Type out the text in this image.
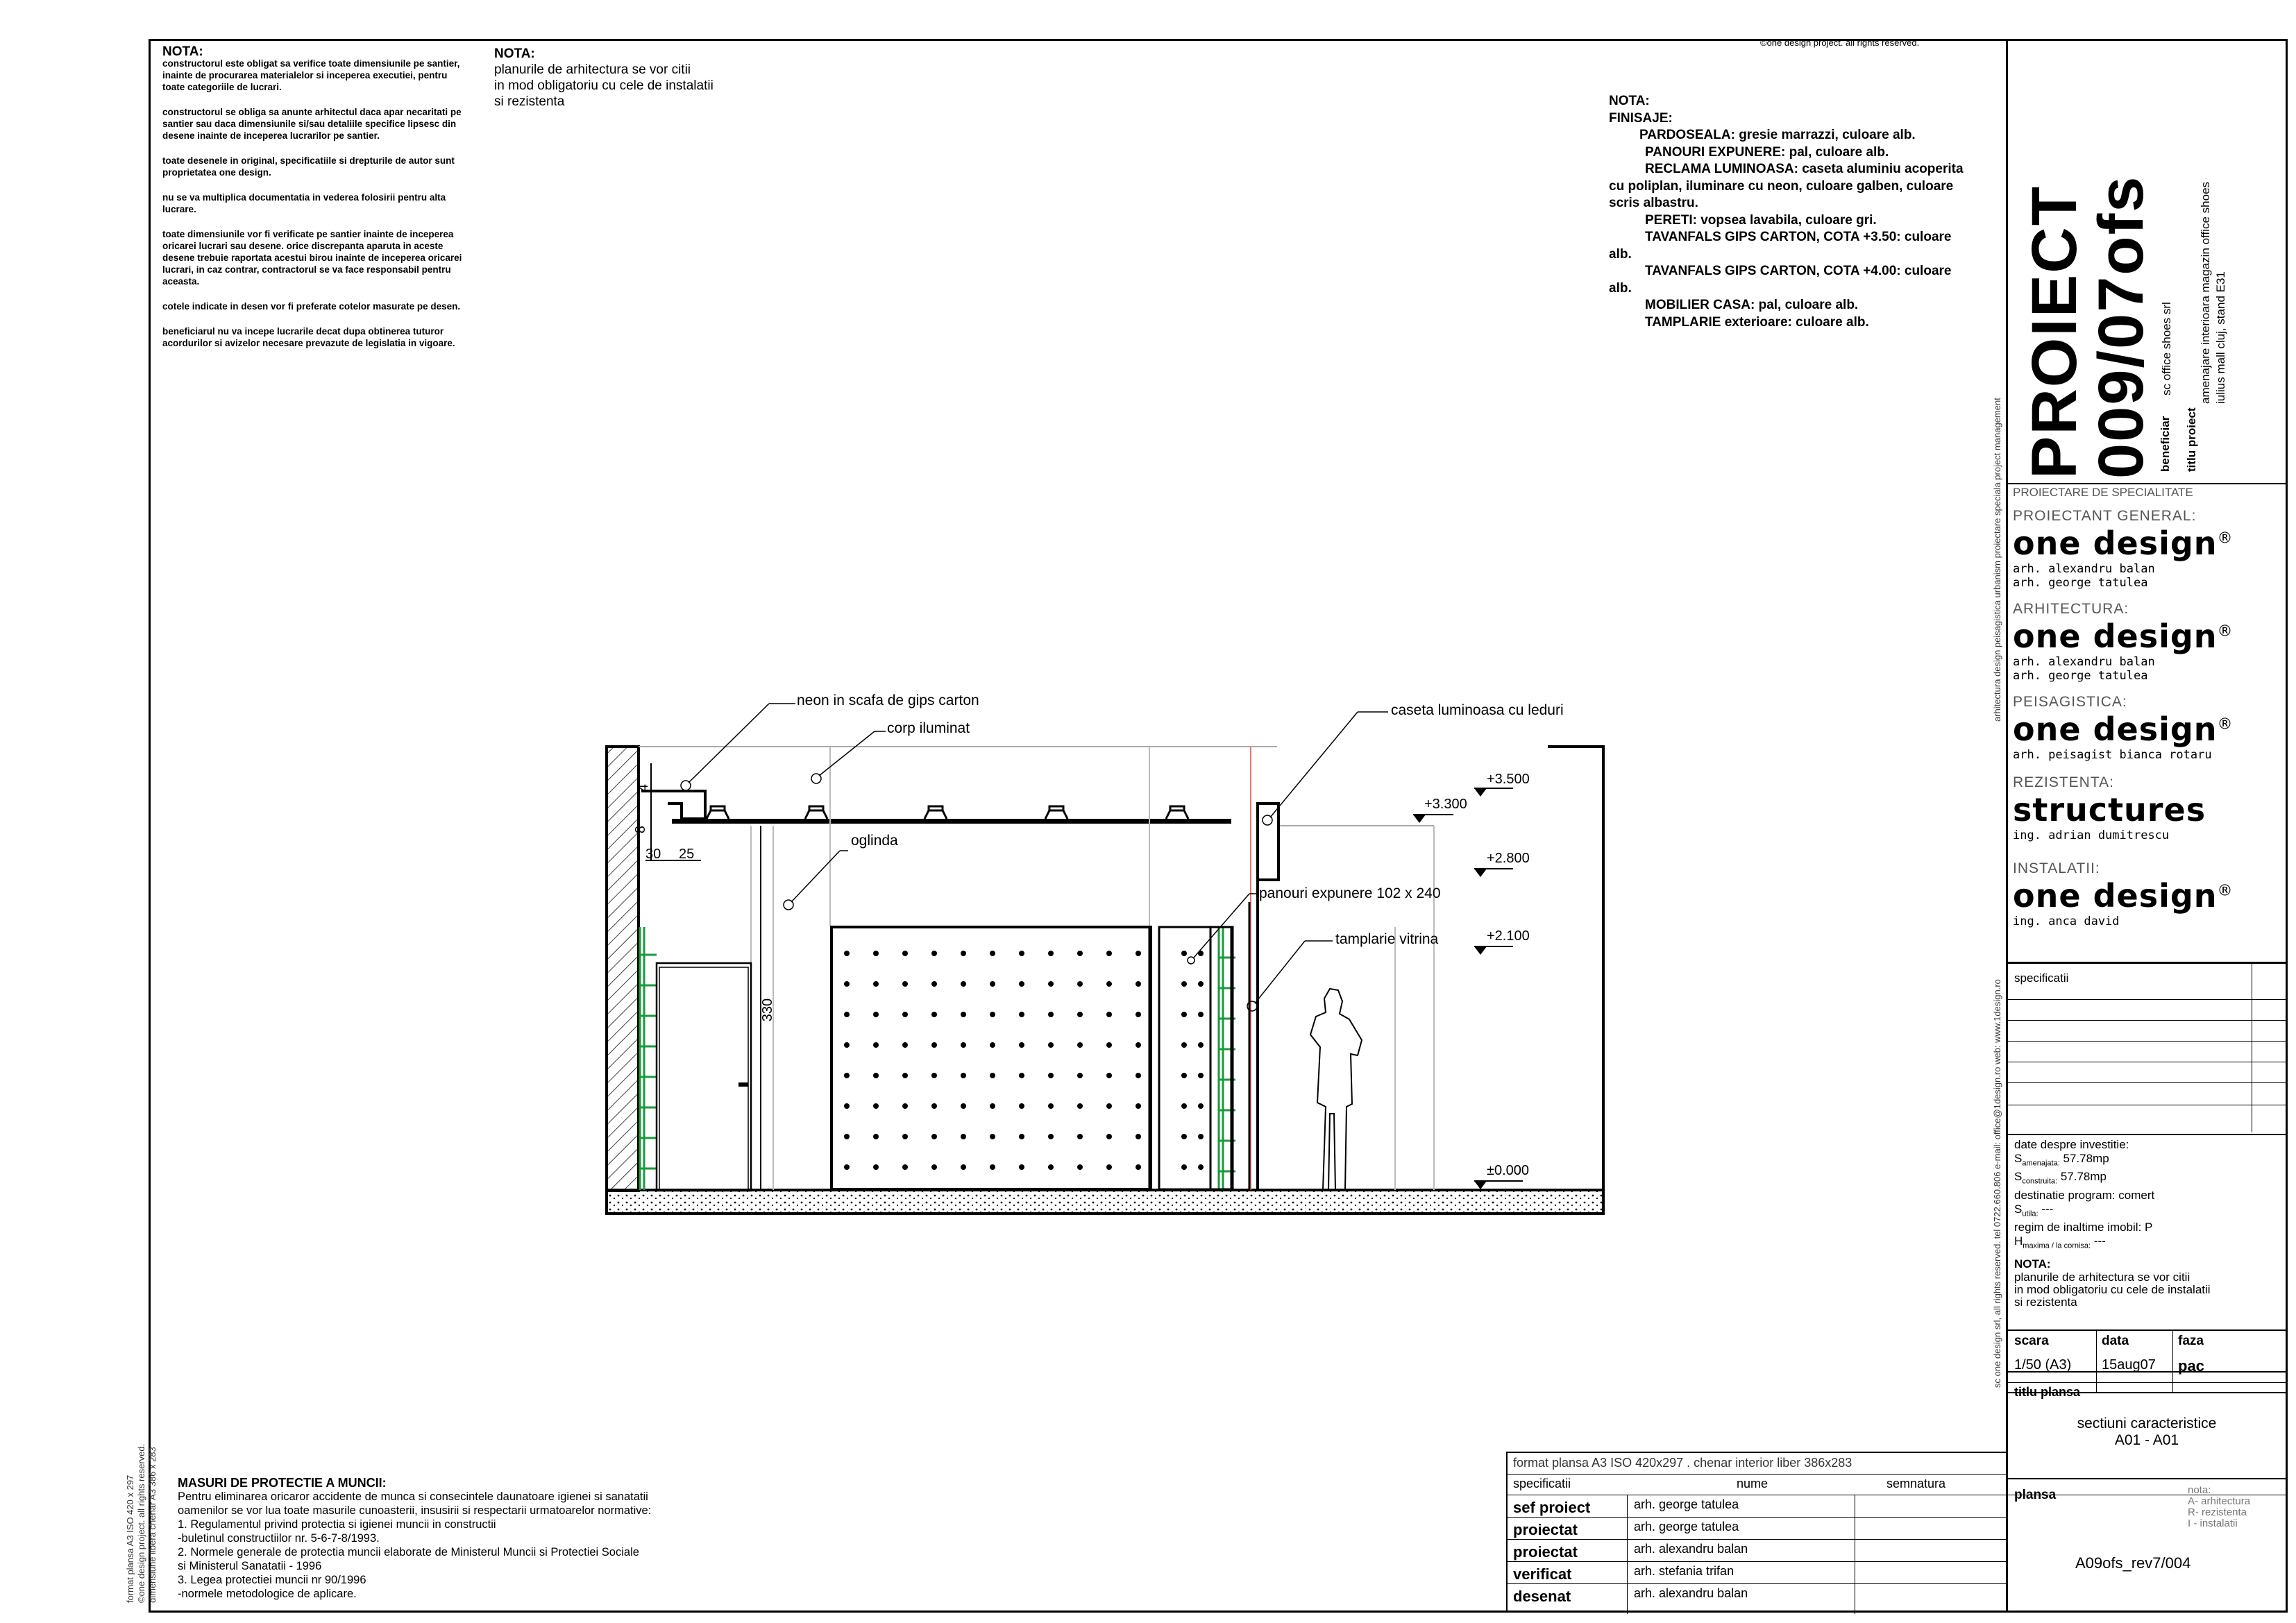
©one design project. all rights reserved.
NOTA:

constructorul este obligat sa verifice toate dimensiunile pe santier, inainte de procurarea materialelor si inceperea executiei, pentru toate categoriile de lucrari.

constructorul se obliga sa anunte arhitectul daca apar necaritati pe santier sau daca dimensiunile si/sau detaliile specifice lipsesc din desene inainte de inceperea lucrarilor pe santier.

toate desenele in original, specificatiile si drepturile de autor sunt proprietatea one design.

nu se va multiplica documentatia in vederea folosirii pentru alta lucrare.

toate dimensiunile vor fi verificate pe santier inainte de inceperea oricarei lucrari sau desene. orice discrepanta aparuta in aceste desene trebuie raportata acestui birou inainte de inceperea oricarei lucrari, in caz contrar, contractorul se va face responsabil pentru aceasta.

cotele indicate in desen vor fi preferate cotelor masurate pe desen.

beneficiarul nu va incepe lucrarile decat dupa obtinerea tuturor acordurilor si avizelor necesare prevazute de legislatia in vigoare.

NOTA:
planurile de arhitectura se vor citii
in mod obligatoriu cu cele de instalatii
si rezistenta	NOTA:
FINISAJE:
PARDOSEALA: gresie marrazzi, culoare alb.
PANOURI EXPUNERE: pal, culoare alb.
RECLAMA LUMINOASA: caseta aluminiu acoperita cu poliplan, iluminare cu neon, culoare galben, culoare scris albastru.
PERETI: vopsea lavabila, culoare gri.
TAVANFALS GIPS CARTON, COTA +3.50: culoare alb.
TAVANFALS GIPS CARTON, COTA +4.00: culoare alb.
MOBILIER CASA: pal, culoare alb.
TAMPLARIE exterioare: culoare alb.
neon in scafa de gips carton
corp iluminat
oglinda
caseta luminoasa cu leduri
panouri expunere 102 x 240
tamplarie vitrina
+3.500
+3.300
+2.800
+2.100
±0.000
4
8
30 25
330	sc one design srl, all rights reserved. tel 0722.660.806 e-mail: office@1design.ro web: www.1design.ro
arhitectura design peisagistica urbanism proiectare speciala project management
PROIECT
009/07ofs beneficiar
sc office shoes srl
titlu proiect
amenajare interioara magazin office shoes iulius mall cluj, stand E31
PROIECTARE DE SPECIALITATE
PROIECTANT GENERAL:
one design®
arh. alexandru balan
arh. george tatulea
ARHITECTURA:
one design®
arh. alexandru balan
arh. george tatulea
PEISAGISTICA:
one design®
arh. peisagist bianca rotaru
REZISTENTA:
structures
ing. adrian dumitrescu
INSTALATII:
one design®
ing. anca david
specificatii
date despre investitie:
$S_{amenajata:}$ 57.78mp
$S_{construita:}$ 57.78mp
destinatie program: comert
$S_{utila:}$ ---
regim de inaltime imobil: P
$H_{maxima / la cornisa:}$ ---
NOTA:
planurile de arhitectura se vor citii
in mod obligatoriu cu cele de instalatii
si rezistenta
scara
1/50 (A3)
data
15aug07
faza
pac
titlu plansa
sectiuni caracteristice
A01 - A01
plansa	nota:
A- arhitectura
R- rezistenta
I - instalatii
A09ofs_rev7/004
format plansa A3 ISO 420x297 . chenar interior liber 386x283
specificatii	nume	semnatura
sef proiect	arh. george tatulea
proiectat	arh. george tatulea
proiectat	arh. alexandru balan
verificat	arh. stefania trifan
desenat	arh. alexandru balan
MASURI DE PROTECTIE A MUNCII:
Pentru eliminarea oricaror accidente de munca si consecintele daunatoare igienei si sanatatii
oamenilor se vor lua toate masurile cunoasterii, insusirii si respectarii urmatoarelor normative:
1. Regulamentul privind protectia si igienei muncii in constructii
-buletinul constructiilor nr. 5-6-7-8/1993.
2. Normele generale de protectia muncii elaborate de Ministerul Muncii si Protectiei Sociale
si Ministerul Sanatatii - 1996
3. Legea protectiei muncii nr 90/1996
-normele metodologice de aplicare.
format plansa A3 ISO 420 x 297 ©one design project. all rights reserved. dimensiune libera chenar A3 386 x 283
